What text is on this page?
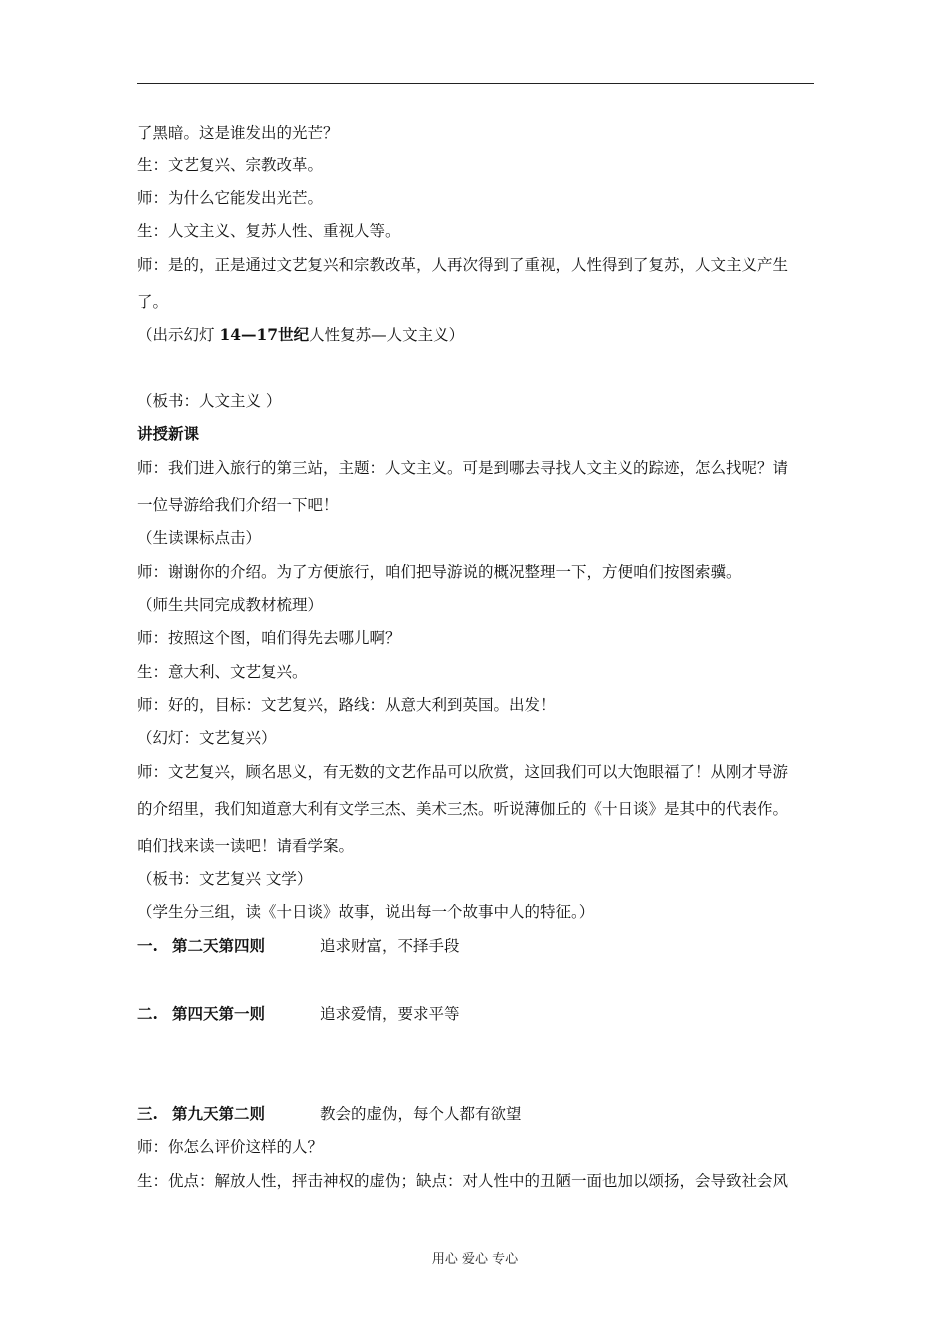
了黑暗。这是谁发出的光芒？

生：文艺复兴、宗教改革。

师：为什么它能发出光芒。

生：人文主义、复苏人性、重视人等。

师：是的，正是通过文艺复兴和宗教改革，人再次得到了重视，人性得到了复苏，人文主义产生

了。

（出示幻灯 14—17世纪人性复苏—人文主义）

（板书：人文主义 ）

讲授新课

师：我们进入旅行的第三站，主题：人文主义。可是到哪去寻找人文主义的踪迹，怎么找呢？请

一位导游给我们介绍一下吧！

（生读课标点击）

师：谢谢你的介绍。为了方便旅行，咱们把导游说的概况整理一下，方便咱们按图索骥。

（师生共同完成教材梳理）

师：按照这个图，咱们得先去哪儿啊？

生：意大利、文艺复兴。

师：好的，目标：文艺复兴，路线：从意大利到英国。出发！

（幻灯：文艺复兴）

师：文艺复兴，顾名思义，有无数的文艺作品可以欣赏，这回我们可以大饱眼福了！从刚才导游

的介绍里，我们知道意大利有文学三杰、美术三杰。听说薄伽丘的《十日谈》是其中的代表作。

咱们找来读一读吧！请看学案。

（板书：文艺复兴 文学）

（学生分三组，读《十日谈》故事，说出每一个故事中人的特征。）

一. 第二天第四则	追求财富，不择手段
二. 第四天第一则	追求爱情，要求平等
三. 第九天第二则	教会的虚伪，每个人都有欲望

师：你怎么评价这样的人？

生：优点：解放人性，抨击神权的虚伪；缺点：对人性中的丑陋一面也加以颂扬，会导致社会风

用心 爱心 专心
